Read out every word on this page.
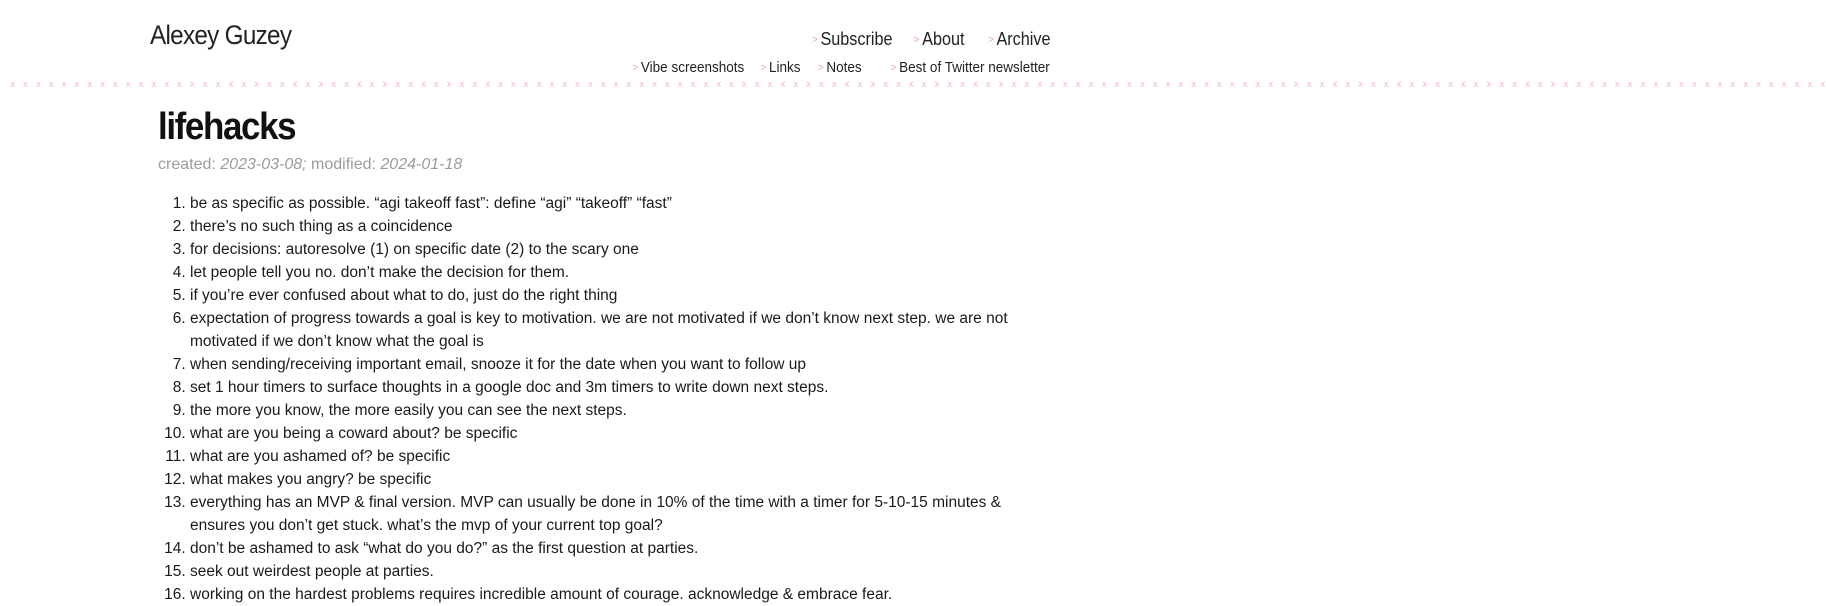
Alexey Guzey	> Subscribe > About > Archive
> Vibe screenshots > Links > Notes	> Best of Twitter newsletter
x x x x x x x x x x x x x x x x x x x x x x x x x x x x x x x x x x x x x x x x x x x x x x x x x x x x x x x x x x x x x x x x x x x x x x x x x x x x x x x x x x x x x x x x x x x x x x x x x x x x x x x x x x x x x x x x x x x x x x x x x x x x x x x x x x x x x x x x x x x x x x
lifehacks
created: 2023-03-08; modified: 2024-01-18
1. be as specific as possible. “agi takeoff fast”: define “agi” “takeoff” “fast”
2. there’s no such thing as a coincidence
3. for decisions: autoresolve (1) on specific date (2) to the scary one
4. let people tell you no. don’t make the decision for them.
5. if you’re ever confused about what to do, just do the right thing
6. expectation of progress towards a goal is key to motivation. we are not motivated if we don’t know next step. we are not motivated if we don’t know what the goal is
7. when sending/receiving important email, snooze it for the date when you want to follow up
8. set 1 hour timers to surface thoughts in a google doc and 3m timers to write down next steps.
9. the more you know, the more easily you can see the next steps.
10. what are you being a coward about? be specific
11. what are you ashamed of? be specific
12. what makes you angry? be specific
13. everything has an MVP & final version. MVP can usually be done in 10% of the time with a timer for 5-10-15 minutes & ensures you don’t get stuck. what’s the mvp of your current top goal?
14. don’t be ashamed to ask “what do you do?” as the first question at parties.
15. seek out weirdest people at parties.
16. working on the hardest problems requires incredible amount of courage. acknowledge & embrace fear.
